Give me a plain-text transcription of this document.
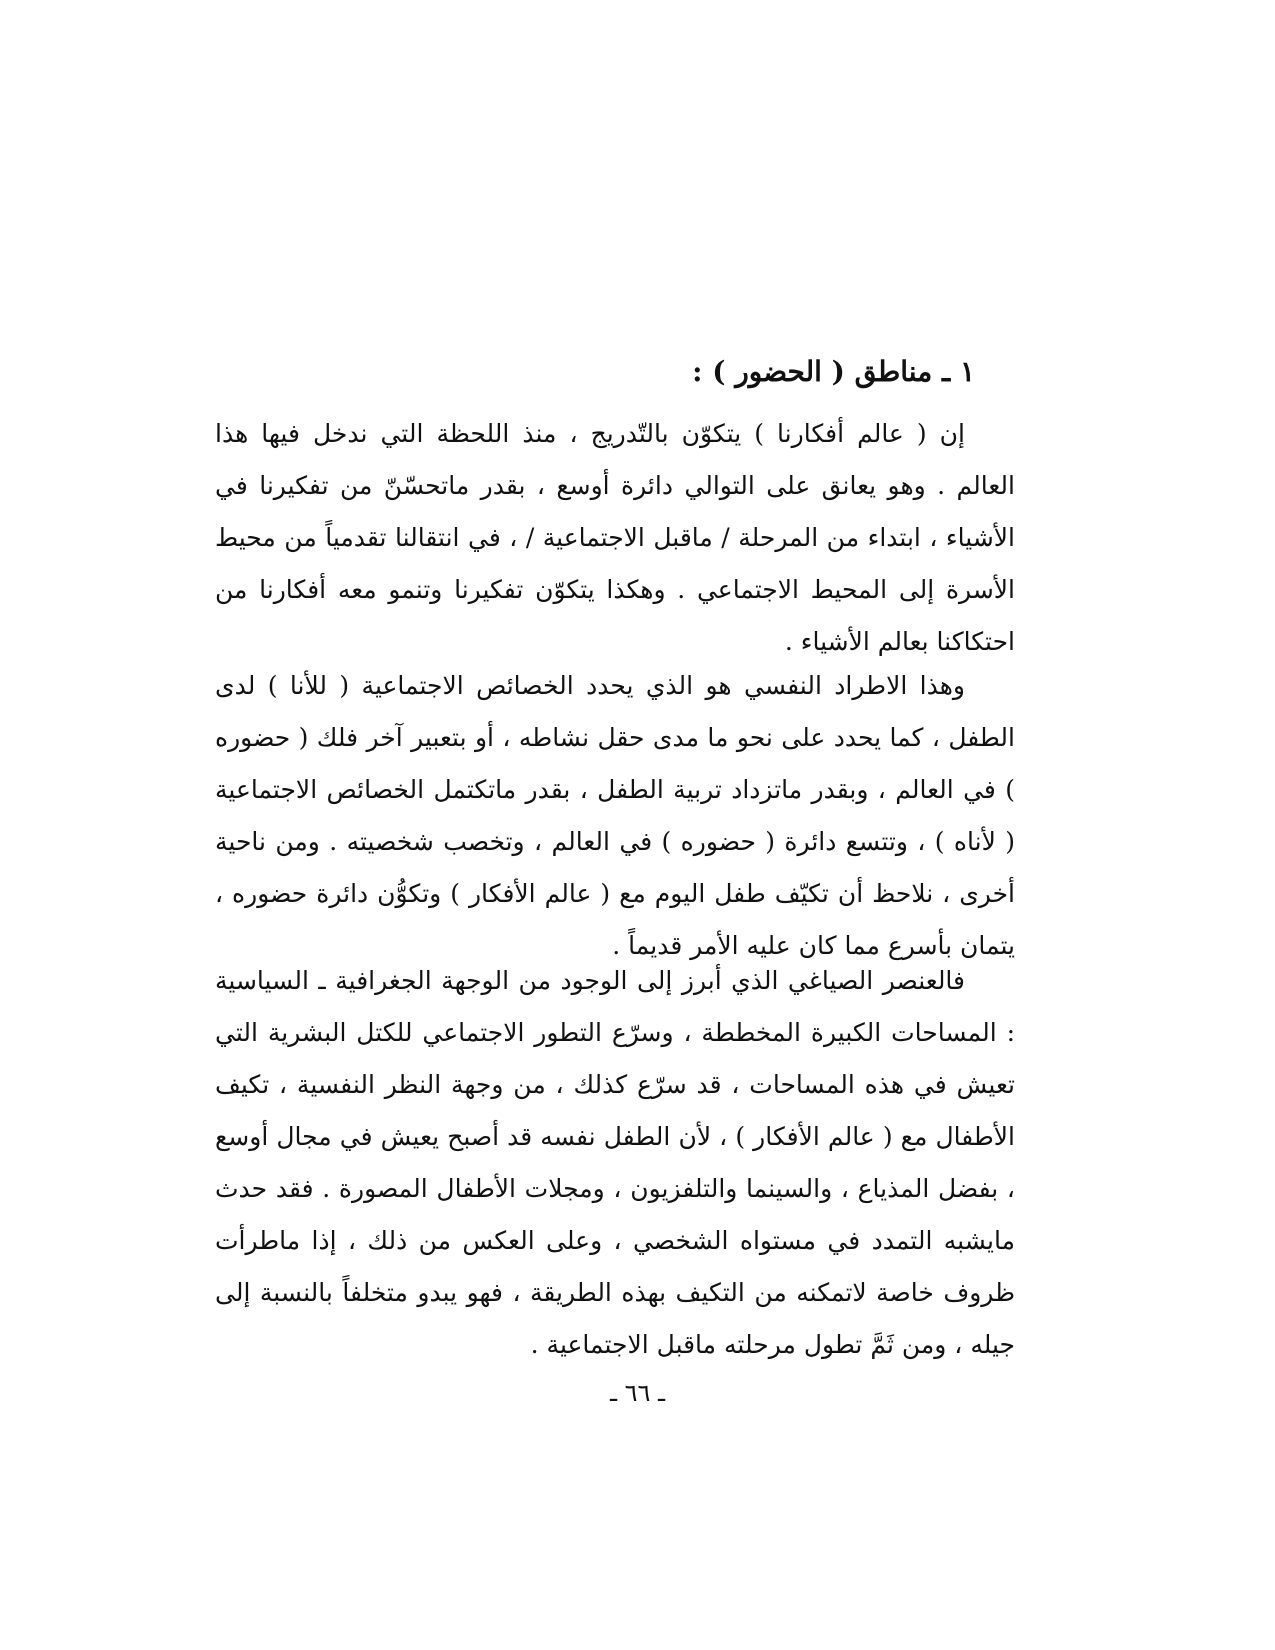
١ ـ مناطق ( الحضور ) :

إن ( عالم أفكارنا ) يتكوّن بالتّدريج ، منذ اللحظة التي ندخل فيها هذا العالم . وهو يعانق على التوالي دائرة أوسع ، بقدر ماتحسّنّ من تفكيرنا في الأشياء ، ابتداء من المرحلة / ماقبل الاجتماعية / ، في انتقالنا تقدمياً من محيط الأسرة إلى المحيط الاجتماعي . وهكذا يتكوّن تفكيرنا وتنمو معه أفكارنا من احتكاكنا بعالم الأشياء .

وهذا الاطراد النفسي هو الذي يحدد الخصائص الاجتماعية ( للأنا ) لدى الطفل ، كما يحدد على نحو ما مدى حقل نشاطه ، أو بتعبير آخر فلك ( حضوره ) في العالم ، وبقدر ماتزداد تربية الطفل ، بقدر ماتكتمل الخصائص الاجتماعية ( لأناه ) ، وتتسع دائرة ( حضوره ) في العالم ، وتخصب شخصيته . ومن ناحية أخرى ، نلاحظ أن تكيّف طفل اليوم مع ( عالم الأفكار ) وتكوُّن دائرة حضوره ، يتمان بأسرع مما كان عليه الأمر قديماً .

فالعنصر الصياغي الذي أبرز إلى الوجود من الوجهة الجغرافية ـ السياسية : المساحات الكبيرة المخططة ، وسرّع التطور الاجتماعي للكتل البشرية التي تعيش في هذه المساحات ، قد سرّع كذلك ، من وجهة النظر النفسية ، تكيف الأطفال مع ( عالم الأفكار ) ، لأن الطفل نفسه قد أصبح يعيش في مجال أوسع ، بفضل المذياع ، والسينما والتلفزيون ، ومجلات الأطفال المصورة . فقد حدث مايشبه التمدد في مستواه الشخصي ، وعلى العكس من ذلك ، إذا ماطرأت ظروف خاصة لاتمكنه من التكيف بهذه الطريقة ، فهو يبدو متخلفاً بالنسبة إلى جيله ، ومن ثَمَّ تطول مرحلته ماقبل الاجتماعية .

ـ ٦٦ ـ
